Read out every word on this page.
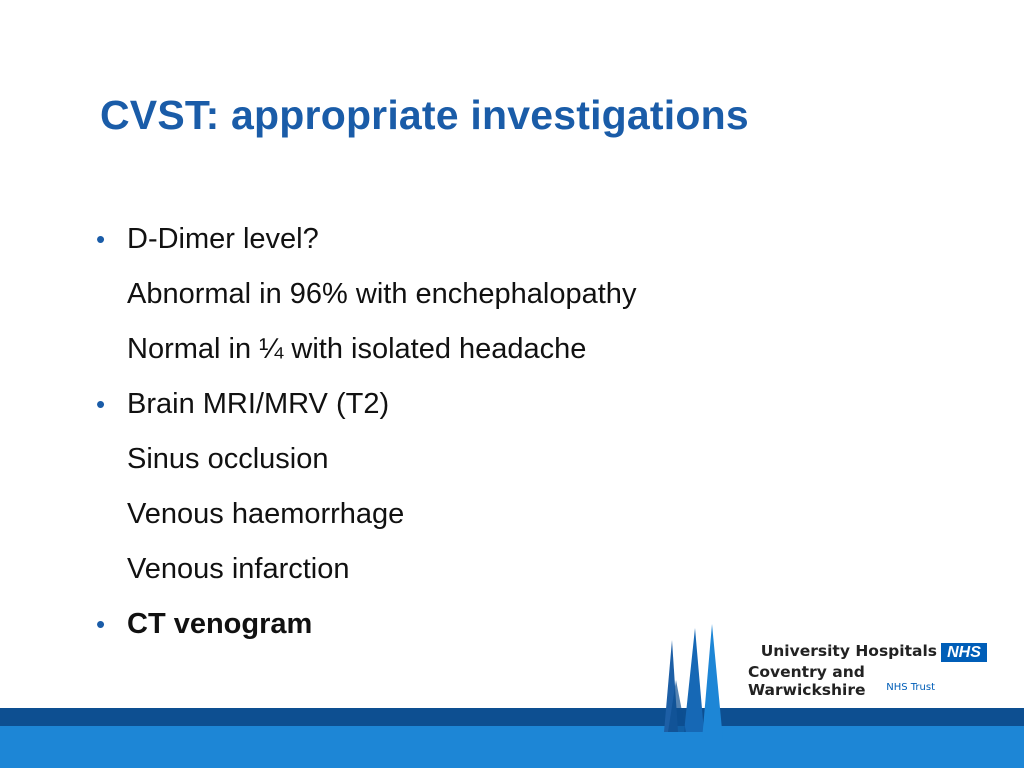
CVST: appropriate investigations
• D-Dimer level?
Abnormal in 96% with enchephalopathy
Normal in ¼ with isolated headache
• Brain MRI/MRV (T2)
Sinus occlusion
Venous haemorrhage
Venous infarction
• CT venogram
University Hospitals NHS
Coventry and Warwickshire	NHS Trust
